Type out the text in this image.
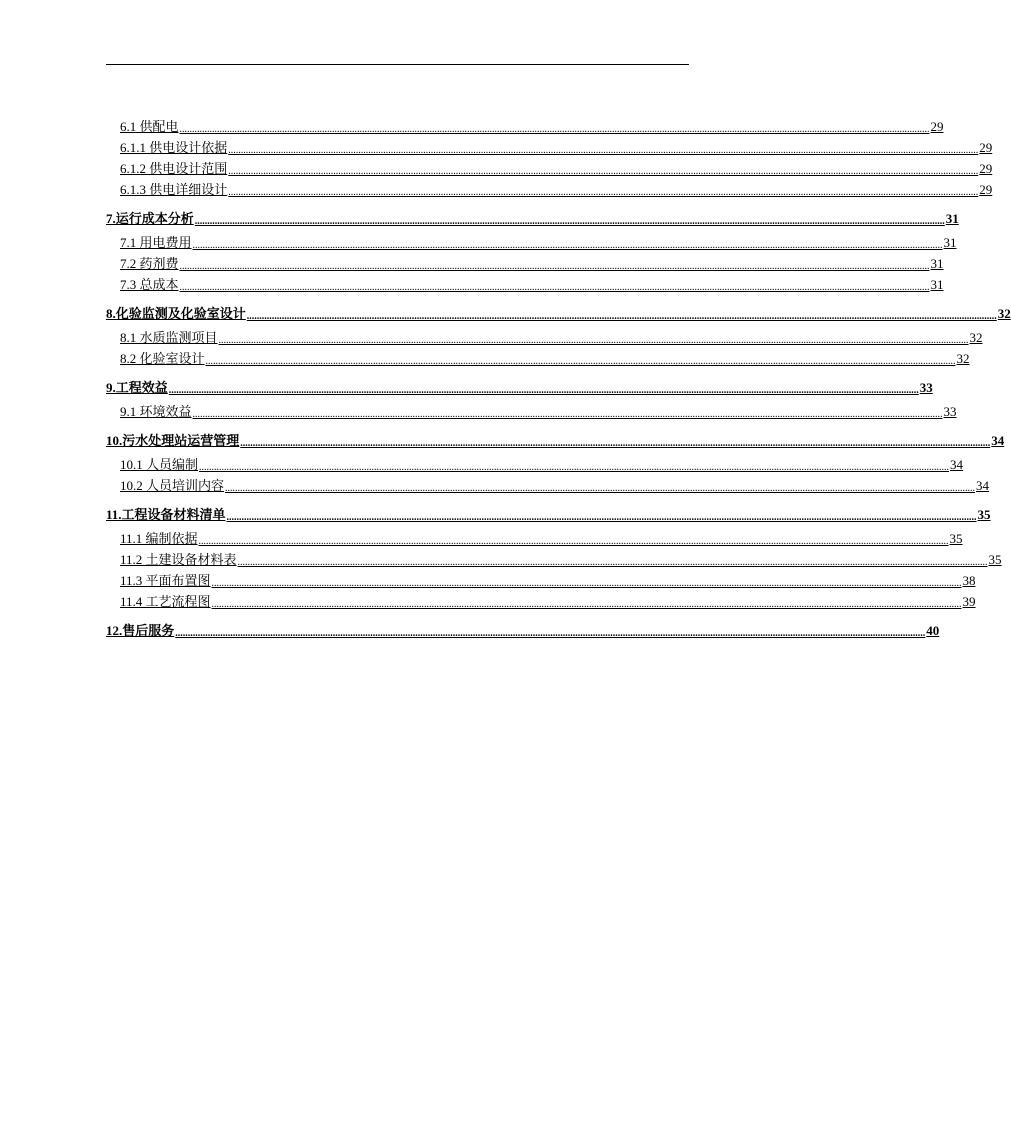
6.1 供配电 ............................................................................................................................................................................................................................................................................................................ 29
6.1.1 供电设计依据 ............................................................................................................................................................................................................................................................................................................ 29
6.1.2 供电设计范围 ............................................................................................................................................................................................................................................................................................................ 29
6.1.3 供电详细设计 ............................................................................................................................................................................................................................................................................................................ 29
7.运行成本分析 ............................................................................................................................................................................................................................................................................................................ 31
7.1 用电费用 ............................................................................................................................................................................................................................................................................................................ 31
7.2 药剂费 ............................................................................................................................................................................................................................................................................................................ 31
7.3 总成本 ............................................................................................................................................................................................................................................................................................................ 31
8.化验监测及化验室设计 ............................................................................................................................................................................................................................................................................................................ 32
8.1 水质监测项目 ............................................................................................................................................................................................................................................................................................................ 32
8.2 化验室设计 ............................................................................................................................................................................................................................................................................................................ 32
9.工程效益 ............................................................................................................................................................................................................................................................................................................ 33
9.1 环境效益 ............................................................................................................................................................................................................................................................................................................ 33
10.污水处理站运营管理 ............................................................................................................................................................................................................................................................................................................ 34
10.1 人员编制 ............................................................................................................................................................................................................................................................................................................ 34
10.2 人员培训内容 ............................................................................................................................................................................................................................................................................................................ 34
11.工程设备材料清单 ............................................................................................................................................................................................................................................................................................................ 35
11.1 编制依据 ............................................................................................................................................................................................................................................................................................................ 35
11.2 土建设备材料表 ............................................................................................................................................................................................................................................................................................................ 35
11.3 平面布置图 ............................................................................................................................................................................................................................................................................................................ 38
11.4 工艺流程图 ............................................................................................................................................................................................................................................................................................................ 39
12.售后服务 ............................................................................................................................................................................................................................................................................................................ 40
